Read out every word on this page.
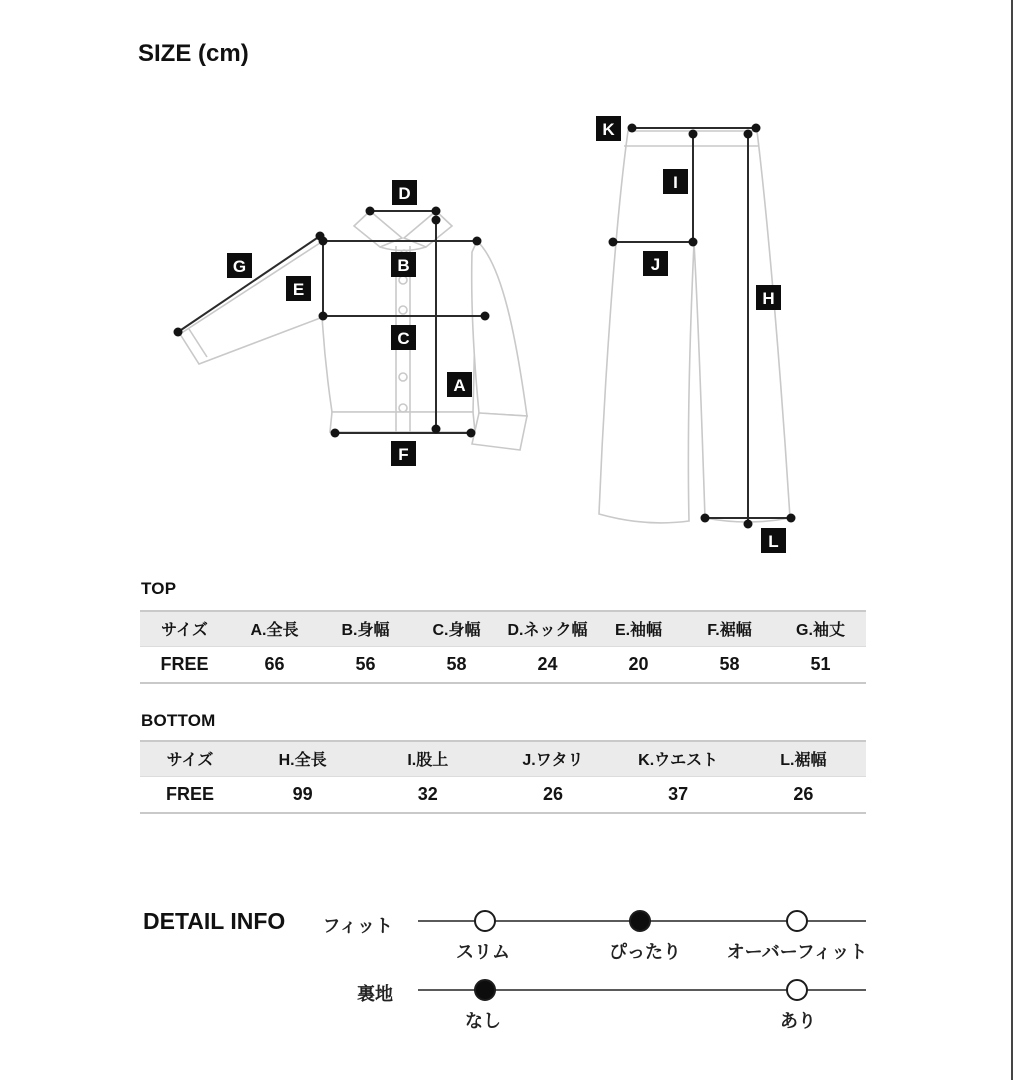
SIZE (cm)
D
G	B
E
C
A
F
K
I
J
H
L
TOP
サイズ	A.全長	B.身幅	C.身幅	D.ネック幅	E.袖幅	F.裾幅	G.袖丈
FREE	66	56	58	24	20	58	51
BOTTOM
サイズ	H.全長	I.股上	J.ワタリ	K.ウエスト	L.裾幅
FREE	99	32	26	37	26
DETAIL INFO	フィット
スリム	ぴったり	オーバーフィット
裏地
なし	あり
